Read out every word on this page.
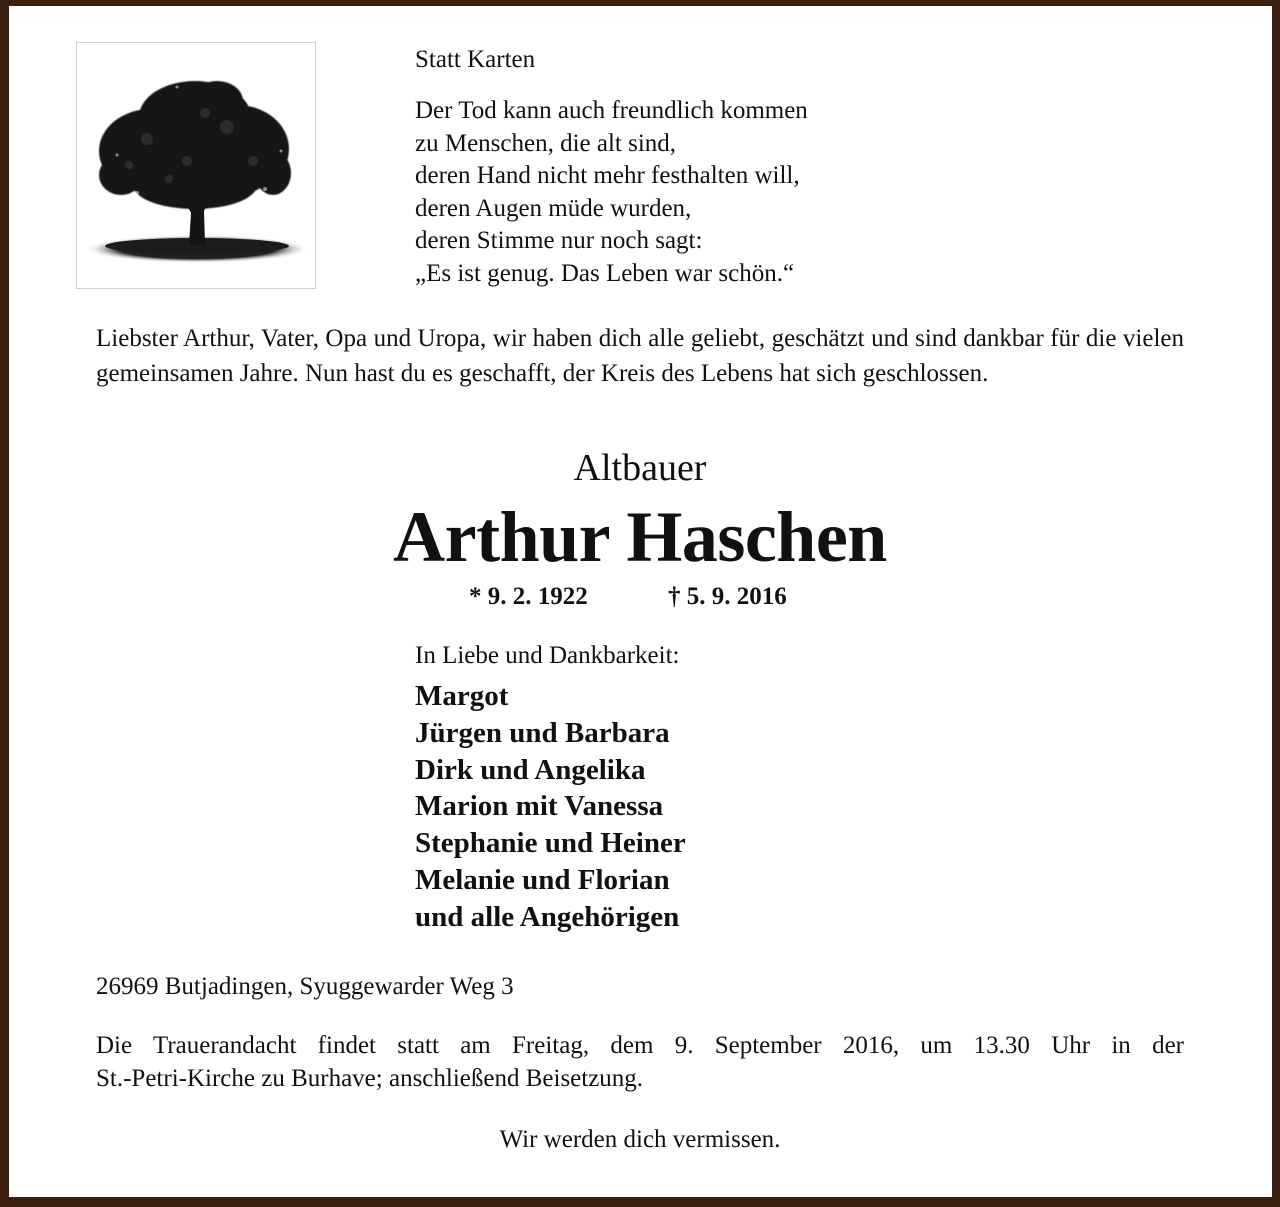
Statt Karten
Der Tod kann auch freundlich kommen
zu Menschen, die alt sind,
deren Hand nicht mehr festhalten will,
deren Augen müde wurden,
deren Stimme nur noch sagt:
„Es ist genug. Das Leben war schön.“
Liebster Arthur, Vater, Opa und Uropa, wir haben dich alle geliebt, geschätzt und sind dankbar für die vielen gemeinsamen Jahre. Nun hast du es geschafft, der Kreis des Lebens hat sich geschlossen.
Altbauer
Arthur Haschen
* 9. 2. 1922	† 5. 9. 2016
In Liebe und Dankbarkeit:
Margot
Jürgen und Barbara
Dirk und Angelika
Marion mit Vanessa
Stephanie und Heiner
Melanie und Florian
und alle Angehörigen
26969 Butjadingen, Syuggewarder Weg 3
Die Trauerandacht findet statt am Freitag, dem 9. September 2016, um 13.30 Uhr in der
St.-Petri-Kirche zu Burhave; anschließend Beisetzung.
Wir werden dich vermissen.
